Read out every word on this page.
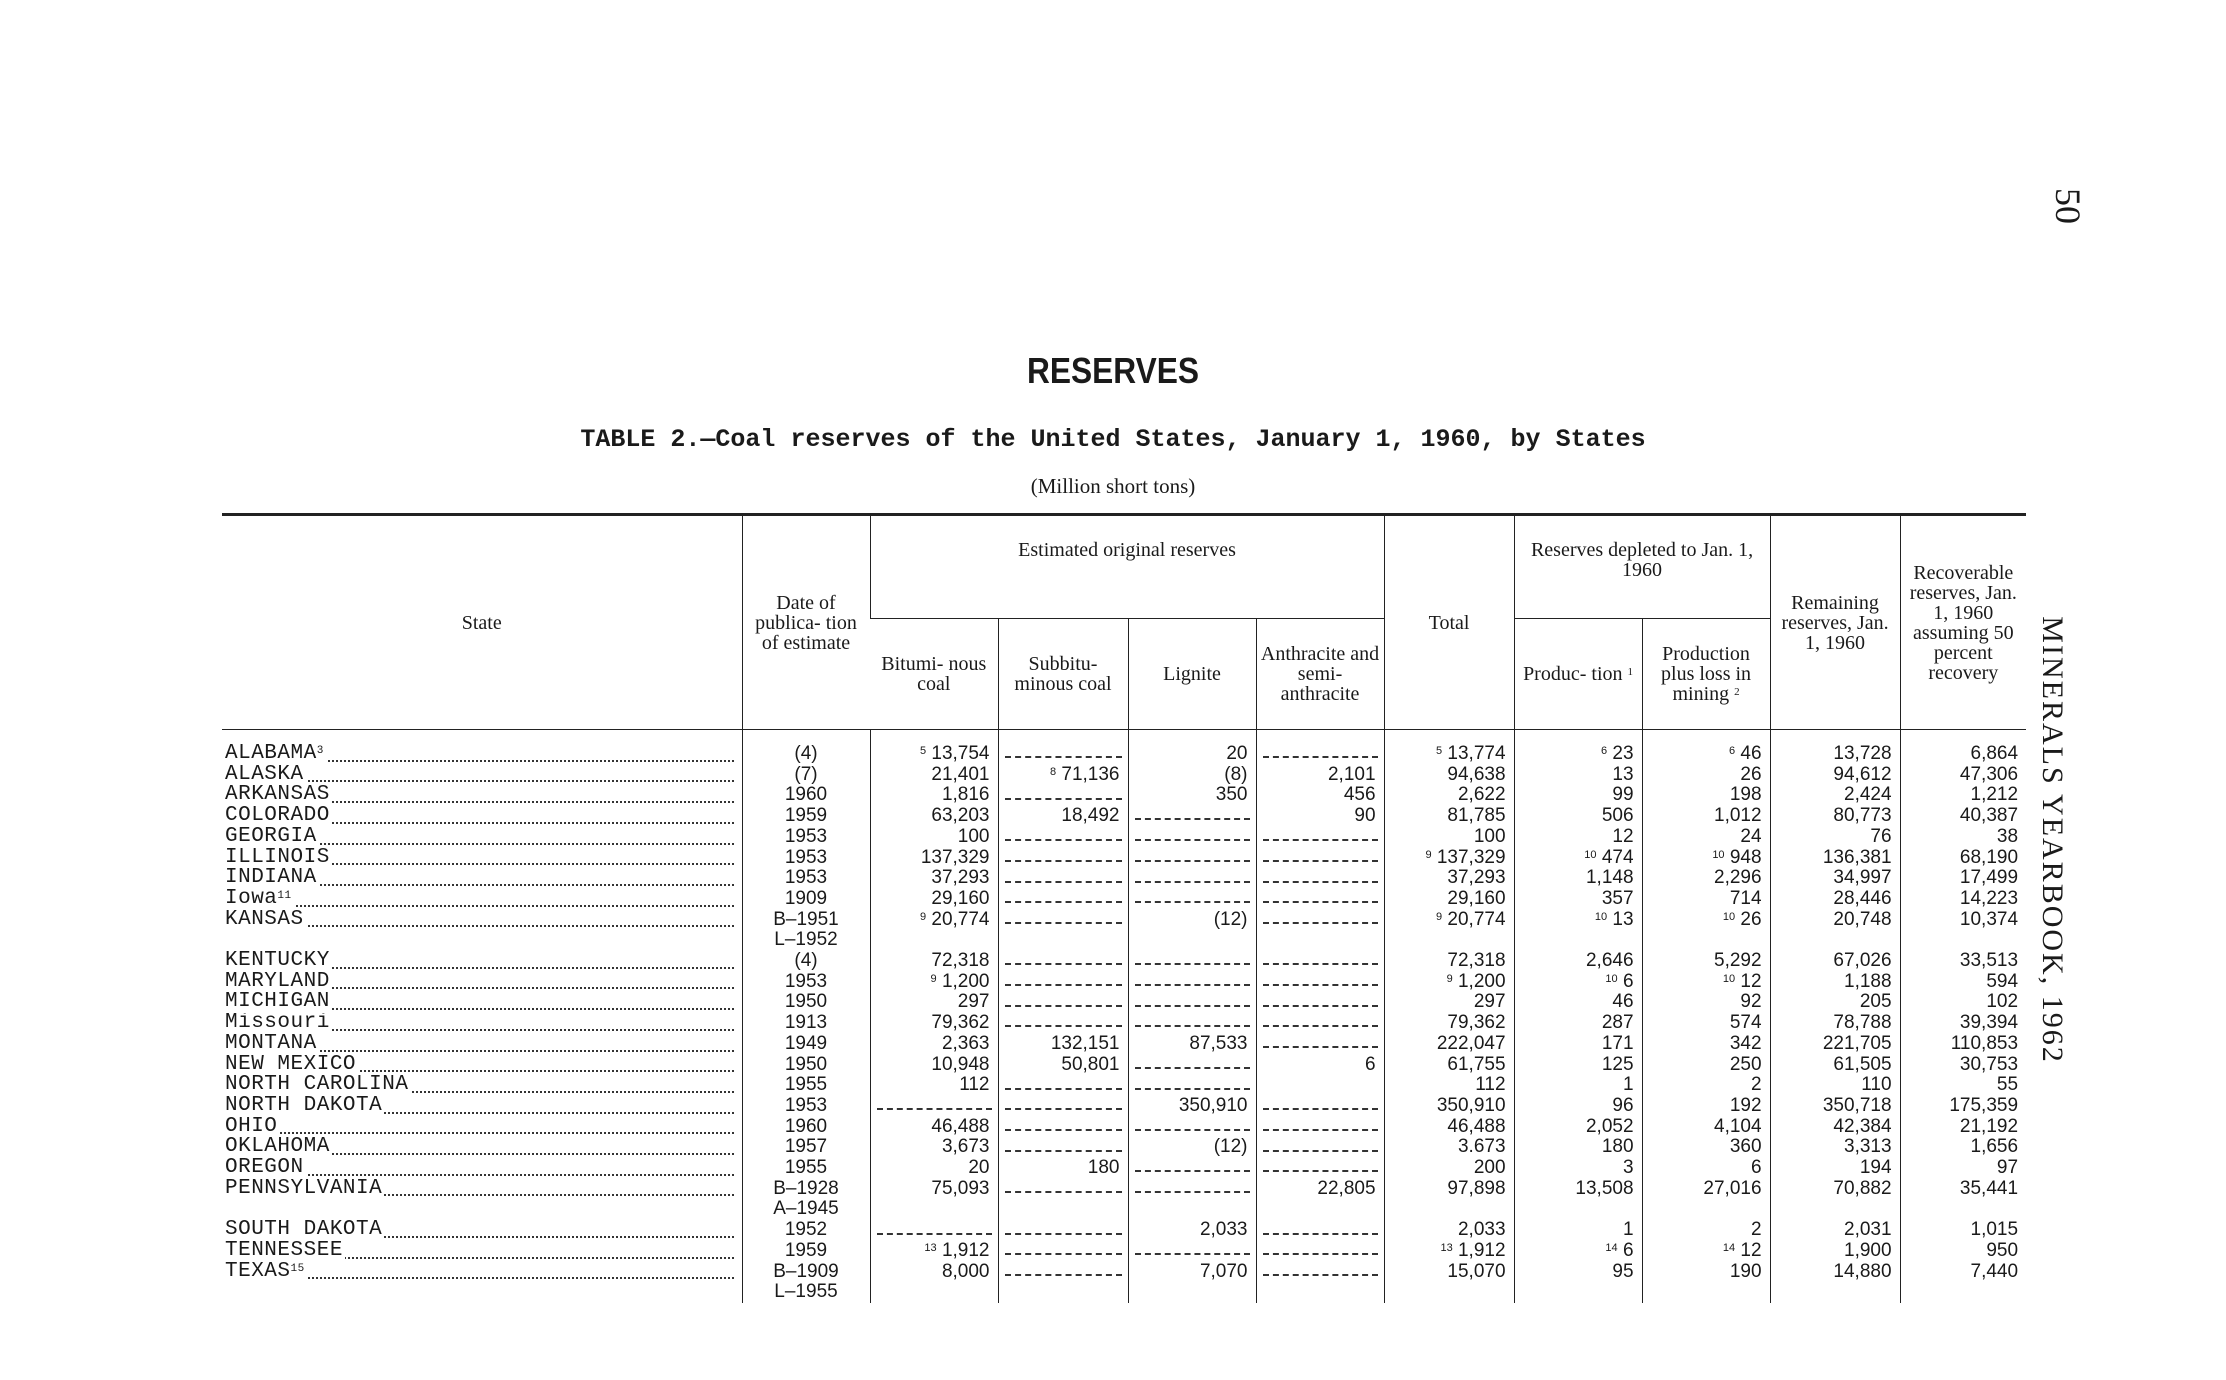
50
MINERALS YEARBOOK, 1962
RESERVES
TABLE 2.—Coal reserves of the United States, January 1, 1960, by States
(Million short tons)
State	Date of publica- tion of estimate	Estimated original reserves				Total	Reserves depleted to Jan. 1, 1960		Remaining reserves, Jan. 1, 1960	Recoverable reserves, Jan. 1, 1960 assuming 50 percent recovery
		Bitumi- nous coal	Subbitu- minous coal	Lignite	Anthracite and semi- anthracite		Produc- tion $^1$	Production plus loss in mining $^2$

ALABAMA$^3$	(4)	$^5$ 13,754		20		$^5$ 13,774	$^6$ 23	$^6$ 46	13,728	6,864

ALASKA	(7)	21,401	$^8$ 71,136	(8)	2,101	94,638	13	26	94,612	47,306

ARKANSAS	1960	1,816		350	456	2,622	99	198	2,424	1,212

COLORADO	1959	63,203	18,492		90	81,785	506	1,012	80,773	40,387

GEORGIA	1953	100				100	12	24	76	38

ILLINOIS	1953	137,329				$^9$ 137,329	$^{10}$ 474	$^{10}$ 948	136,381	68,190

INDIANA	1953	37,293				37,293	1,148	2,296	34,997	17,499

Iowa$^{11}$	1909	29,160				29,160	357	714	28,446	14,223

KANSAS	B–1951	$^9$ 20,774		(12)		$^9$ 20,774	$^{10}$ 13	$^{10}$ 26	20,748	10,374
	L–1952									

KENTUCKY	(4)	72,318				72,318	2,646	5,292	67,026	33,513

MARYLAND	1953	$^9$ 1,200				$^9$ 1,200	$^{10}$ 6	$^{10}$ 12	1,188	594

MICHIGAN	1950	297				297	46	92	205	102

Missouri	1913	79,362				79,362	287	574	78,788	39,394

MONTANA	1949	2,363	132,151	87,533		222,047	171	342	221,705	110,853

NEW MEXICO	1950	10,948	50,801		6	61,755	125	250	61,505	30,753

NORTH CAROLINA	1955	112				112	1	2	110	55

NORTH DAKOTA	1953			350,910		350,910	96	192	350,718	175,359

OHIO	1960	46,488				46,488	2,052	4,104	42,384	21,192

OKLAHOMA	1957	3,673		(12)		3.673	180	360	3,313	1,656

OREGON	1955	20	180			200	3	6	194	97

PENNSYLVANIA	B–1928	75,093			22,805	97,898	13,508	27,016	70,882	35,441
	A–1945									

SOUTH DAKOTA	1952			2,033		2,033	1	2	2,031	1,015

TENNESSEE	1959	$^{13}$ 1,912				$^{13}$ 1,912	$^{14}$ 6	$^{14}$ 12	1,900	950

TEXAS$^{15}$	B–1909	8,000		7,070		15,070	95	190	14,880	7,440
	L–1955									
